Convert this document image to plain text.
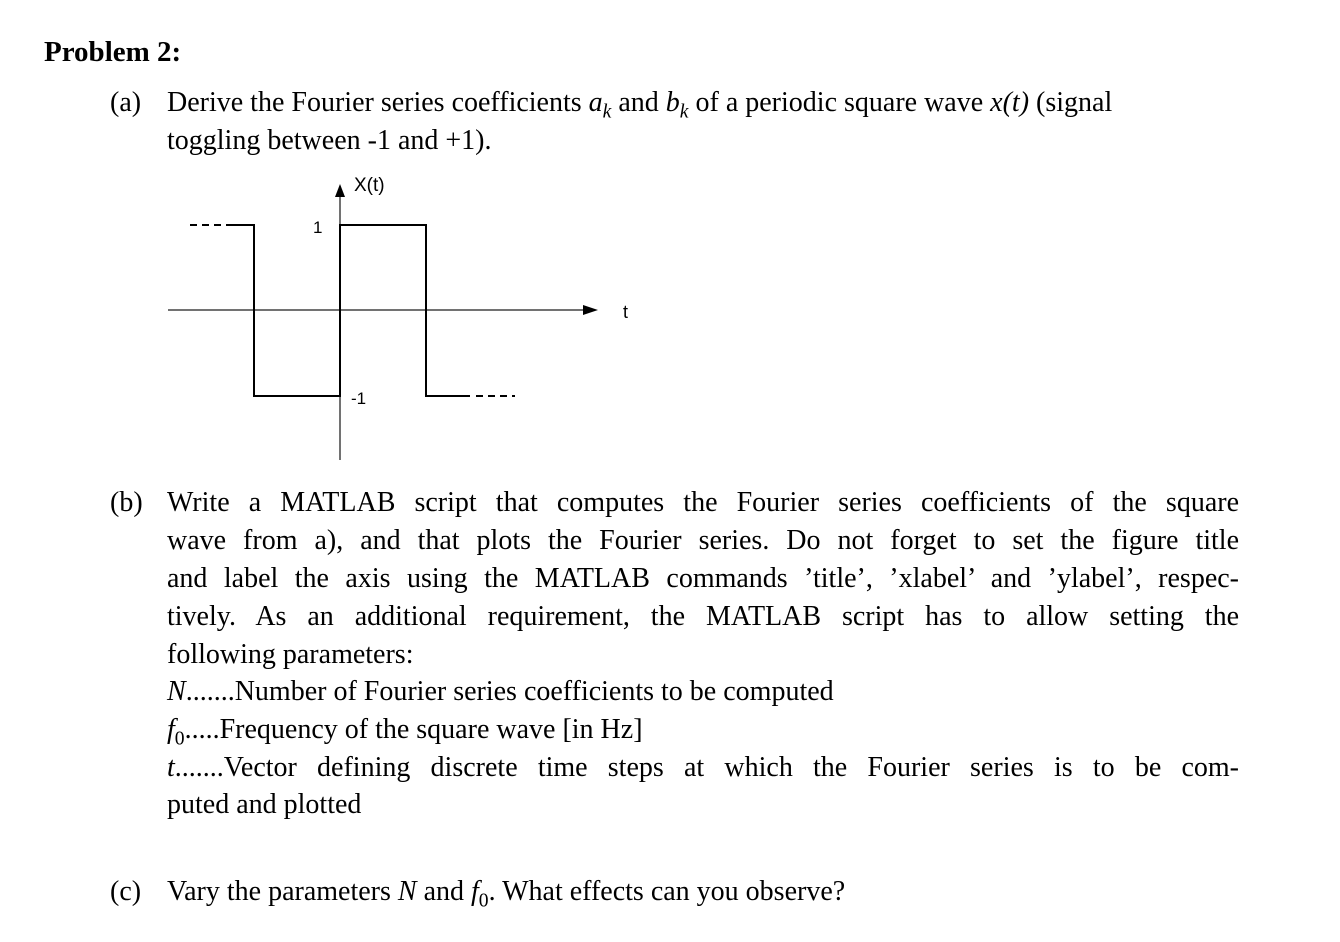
Problem 2:
(a) Derive the Fourier series coefficients $a_k$ and $b_k$ of a periodic square wave x(t) (signal
toggling between -1 and +1).
X(t)
t
1
-1
(b) Write a MATLAB script that computes the Fourier series coefficients of the square
wave from a), and that plots the Fourier series. Do not forget to set the figure title
and label the axis using the MATLAB commands ’title’, ’xlabel’ and ’ylabel’, respec-
tively. As an additional requirement, the MATLAB script has to allow setting the
following parameters:
N.......Number of Fourier series coefficients to be computed
$f_0.....Frequency$ of the square wave [in Hz]
t.......Vector defining discrete time steps at which the Fourier series is to be com-
puted and plotted
(c) Vary the parameters N and $f_0$. What effects can you observe?
